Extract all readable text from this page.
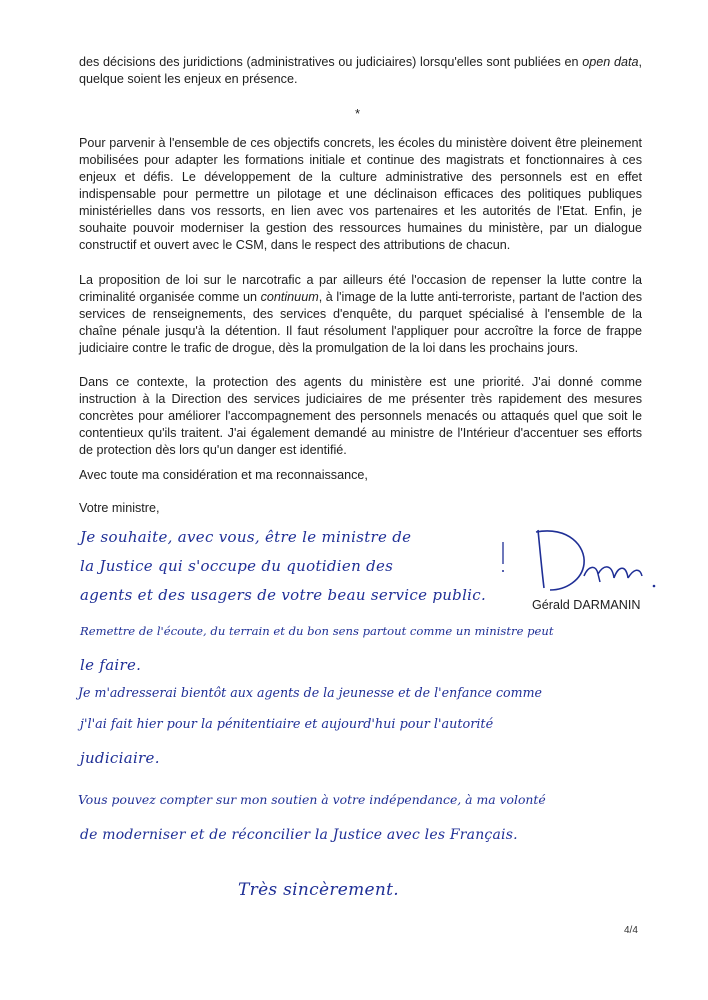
des décisions des juridictions (administratives ou judiciaires) lorsqu'elles sont publiées en open data, quelque soient les enjeux en présence.

*

Pour parvenir à l'ensemble de ces objectifs concrets, les écoles du ministère doivent être pleinement mobilisées pour adapter les formations initiale et continue des magistrats et fonctionnaires à ces enjeux et défis. Le développement de la culture administrative des personnels est en effet indispensable pour permettre un pilotage et une déclinaison efficaces des politiques publiques ministérielles dans vos ressorts, en lien avec vos partenaires et les autorités de l'Etat. Enfin, je souhaite pouvoir moderniser la gestion des ressources humaines du ministère, par un dialogue constructif et ouvert avec le CSM, dans le respect des attributions de chacun.

La proposition de loi sur le narcotrafic a par ailleurs été l'occasion de repenser la lutte contre la criminalité organisée comme un continuum, à l'image de la lutte anti-terroriste, partant de l'action des services de renseignements, des services d'enquête, du parquet spécialisé à l'ensemble de la chaîne pénale jusqu'à la détention. Il faut résolument l'appliquer pour accroître la force de frappe judiciaire contre le trafic de drogue, dès la promulgation de la loi dans les prochains jours.

Dans ce contexte, la protection des agents du ministère est une priorité. J'ai donné comme instruction à la Direction des services judiciaires de me présenter très rapidement des mesures concrètes pour améliorer l'accompagnement des personnels menacés ou attaqués quel que soit le contentieux qu'ils traitent. J'ai également demandé au ministre de l'Intérieur d'accentuer ses efforts de protection dès lors qu'un danger est identifié.

Avec toute ma considération et ma reconnaissance,

Votre ministre,

Je souhaite, avec vous, être le ministre de
la Justice qui s'occupe du quotidien des
agents et des usagers de votre beau service public.
Remettre de l'écoute, du terrain et du bon sens partout comme un ministre peut
le faire.
Je m'adresserai bientôt aux agents de la jeunesse et de l'enfance comme
j'l'ai fait hier pour la pénitentiaire et aujourd'hui pour l'autorité
judiciaire.
Vous pouvez compter sur mon soutien à votre indépendance, à ma volonté
de moderniser et de réconcilier la Justice avec les Français.
Très sincèrement.
Gérald DARMANIN
4/4
